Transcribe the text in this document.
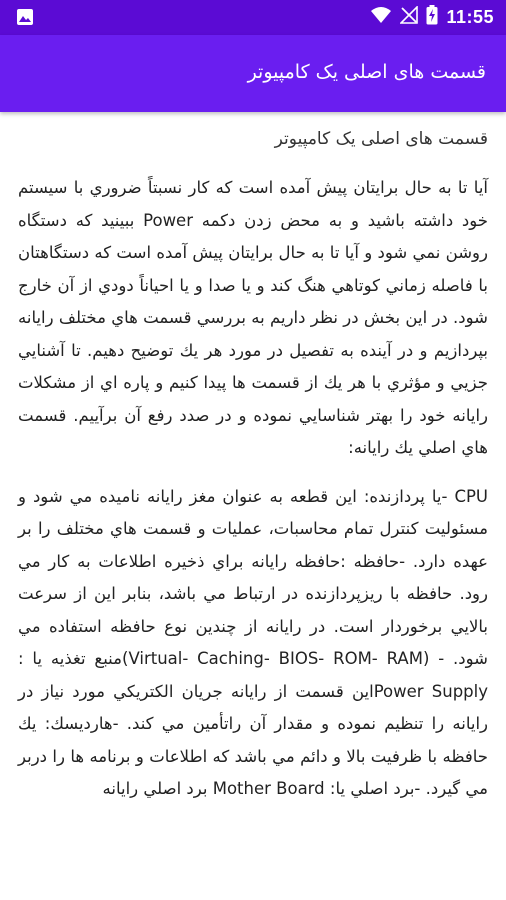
11:55
قسمت های اصلی یک کامپیوتر
قسمت های اصلی یک کامپیوتر

آيا تا به حال برايتان پيش آمده است كه كار نسبتاً ضروري با سيستم خود داشته باشيد و به محض زدن دكمه Power ببينيد كه دستگاه روشن نمي شود و آيا تا به حال برايتان پيش آمده است كه دستگاهتان با فاصله زماني كوتاهي هنگ كند و يا صدا و يا احياناً دودي از آن خارج شود. در اين بخش در نظر داريم به بررسي قسمت هاي مختلف رايانه بپردازيم و در آينده به تفصيل در مورد هر يك توضيح دهيم. تا آشنايي جزيي و مؤثري با هر يك از قسمت ها پيدا كنيم و پاره اي از مشكلات رايانه خود را بهتر شناسايي نموده و در صدد رفع آن برآييم. قسمت هاي اصلي يك رايانه:

CPU -يا پردازنده: اين قطعه به عنوان مغز رايانه ناميده مي شود و مسئوليت كنترل تمام محاسبات، عمليات و قسمت هاي مختلف را بر عهده دارد. -حافظه :حافظه رايانه براي ذخيره اطلاعات به كار مي رود. حافظه با ريزپردازنده در ارتباط مي باشد، بنابر اين از سرعت بالايي برخوردار است. در رايانه از چندين نوع حافظه استفاده مي شود. - (Virtual- Caching- BIOS- ROM- RAM)منبع تغذيه يا : Power Supplyاين قسمت از رايانه جريان الكتريكي مورد نياز در رايانه را تنظيم نموده و مقدار آن راتأمين مي كند. -هارديسك: يك حافظه با ظرفيت بالا و دائم مي باشد كه اطلاعات و برنامه ها را دربر مي گيرد. -برد اصلي يا: Mother Board برد اصلي رايانه
